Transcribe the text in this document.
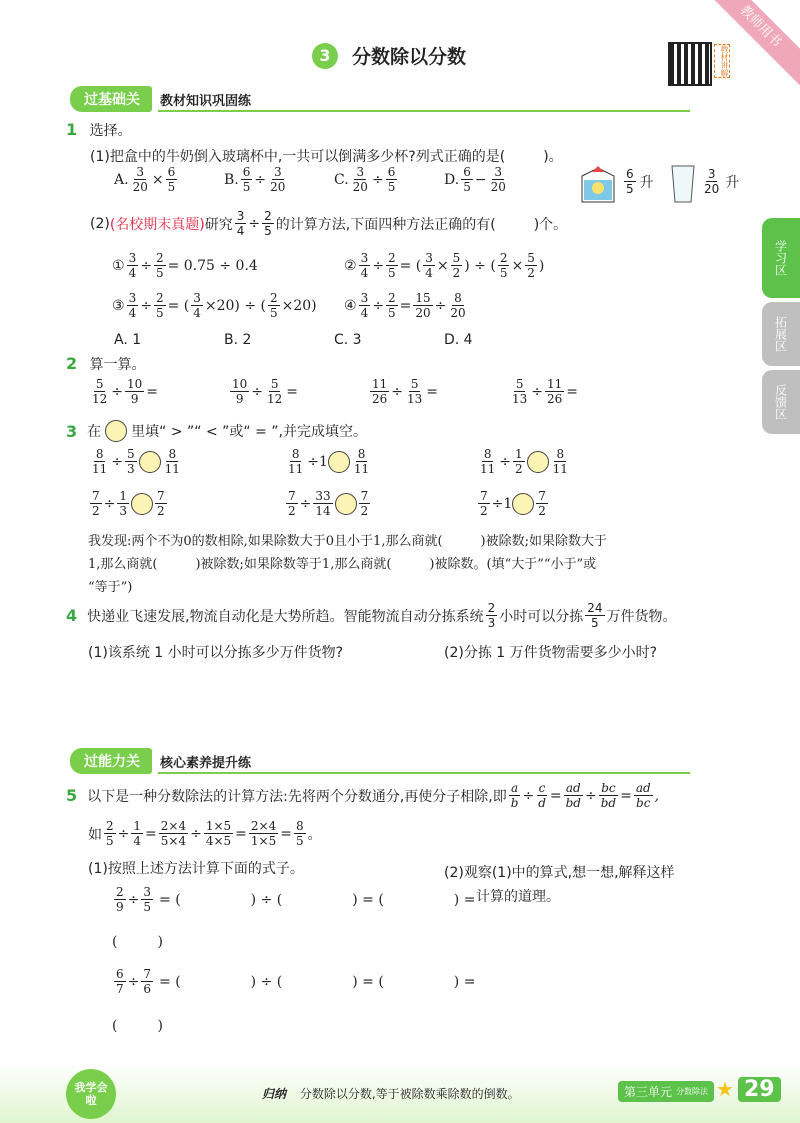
教师用书
3	分数除以分数	教材讲解
学习区
拓展区
反馈区
过基础关	教材知识巩固练
1 选择。
(1)把盒中的牛奶倒入玻璃杯中,一共可以倒满多少杯?列式正确的是(	)。
A. $\frac{3}{20} \times \frac{6}{5}$	B. $\frac{6}{5} \div \frac{3}{20}$	C. $\frac{3}{20} \div \frac{6}{5}$	D. $\frac{6}{5} - \frac{3}{20}$	$\frac{6}{5}$ 升	$\frac{3}{20}$ 升
(2) (名校期末真题) 研究 $\frac{3}{4} \div \frac{2}{5}$ 的计算方法,下面四种方法正确的有(	)个。
① $\frac{3}{4} \div \frac{2}{5} = 0.75 \div 0.4$	② $\frac{3}{4} \div \frac{2}{5}$ = ( $\frac{3}{4} \times \frac{5}{2}$ ) ÷ ( $\frac{2}{5} \times \frac{5}{2}$ )
③ $\frac{3}{4} \div \frac{2}{5}$ = ( $\frac{3}{4} \times 20$) ÷ ( $\frac{2}{5} \times 20$) ④ $\frac{3}{4} \div \frac{2}{5} = \frac{15}{20} \div \frac{8}{20}$
A. 1	B. 2	C. 3	D. 4
2 算一算。
$\frac{5}{12} \div \frac{10}{9}$ =	$\frac{10}{9} \div \frac{5}{12}$ =	$\frac{11}{26} \div \frac{5}{13}$ =	$\frac{5}{13} \div \frac{11}{26}$ =
3 在 里填“ > ”“ < ”或“ = ”,并完成填空。
$\frac{8}{11} \div \frac{5}{3} \frac{8}{11}$	$\frac{8}{11} \div 1 \frac{8}{11}$	$\frac{8}{11} \div \frac{1}{2} \frac{8}{11}$
$\frac{7}{2} \div \frac{1}{3} \frac{7}{2}$	$\frac{7}{2} \div \frac{33}{14} \frac{7}{2}$	$\frac{7}{2} \div 1 \frac{7}{2}$
我发现:两个不为0的数相除,如果除数大于0且小于1,那么商就(	)被除数;如果除数大于
1,那么商就(	)被除数;如果除数等于1,那么商就(	)被除数。(填“大于”“小于”或
“等于”)
4 快递业飞速发展,物流自动化是大势所趋。智能物流自动分拣系统 $\frac{2}{3}$ 小时可以分拣 $\frac{24}{5}$ 万件货物。
(1)该系统 1 小时可以分拣多少万件货物?	(2)分拣 1 万件货物需要多少小时?
过能力关	核心素养提升练
5 以下是一种分数除法的计算方法:先将两个分数通分,再使分子相除,即 $\frac{a}{b} \div \frac{c}{d} = \frac{ad}{bd} \div \frac{bc}{bd} = \frac{ad}{bc}$ ,
如 $\frac{2}{5} \div \frac{1}{4} = \frac{2\times 4}{5\times 4} \div \frac{1\times 5}{4\times 5} = \frac{2\times 4}{1\times 5} = \frac{8}{5}$ 。
(1)按照上述方法计算下面的式子。	(2)观察(1)中的算式,想一想,解释这样
计算的道理。
$\frac{2}{9} \div \frac{3}{5}$ = (	) ÷ (	) = (	) =
(	)
$\frac{6}{7} \div \frac{7}{6}$ = (	) ÷ (	) = (	) =
(	)
我学会啦	归纳 分数除以分数,等于被除数乘除数的倒数。	第三单元 分数除法 ★ 29
